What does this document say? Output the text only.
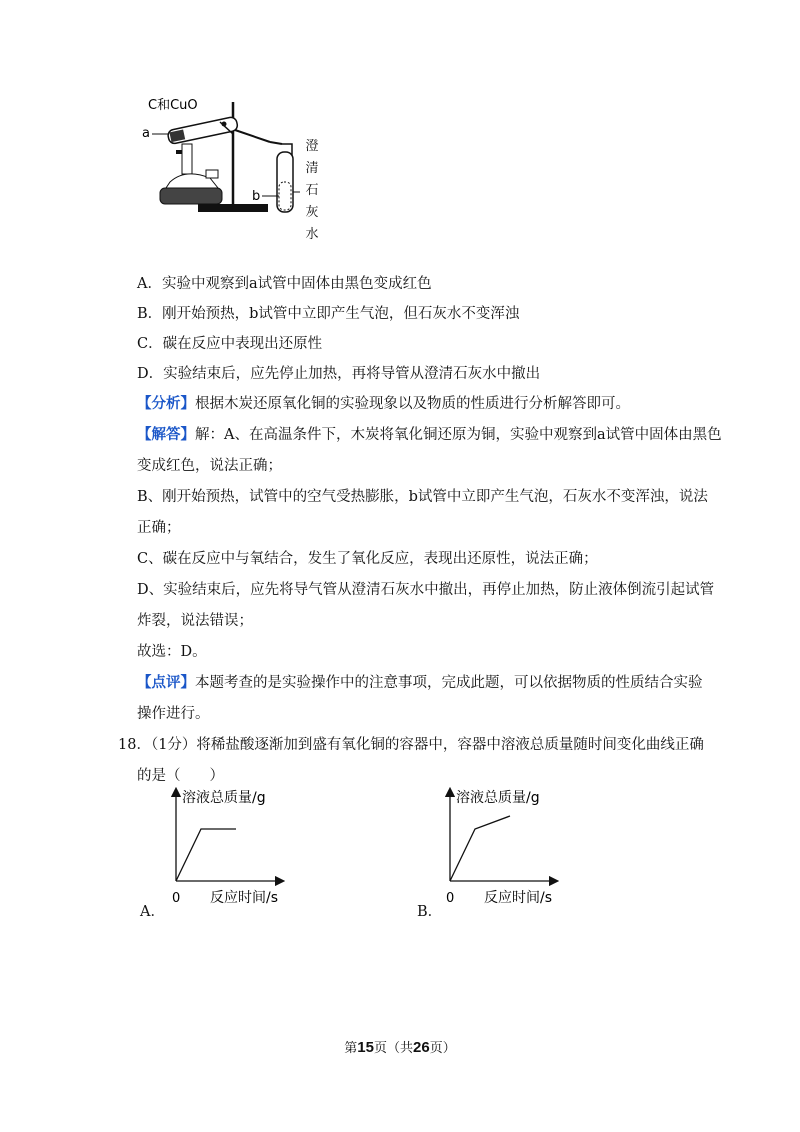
C和CuO
a
b
澄
清
石
灰
水
A．实验中观察到a试管中固体由黑色变成红色
B．刚开始预热，b试管中立即产生气泡，但石灰水不变浑浊
C．碳在反应中表现出还原性
D．实验结束后，应先停止加热，再将导管从澄清石灰水中撤出
【分析】根据木炭还原氧化铜的实验现象以及物质的性质进行分析解答即可。
【解答】解：A、在高温条件下，木炭将氧化铜还原为铜，实验中观察到a试管中固体由黑色
变成红色，说法正确；
B、刚开始预热，试管中的空气受热膨胀，b试管中立即产生气泡，石灰水不变浑浊，说法
正确；
C、碳在反应中与氧结合，发生了氧化反应，表现出还原性，说法正确；
D、实验结束后，应先将导气管从澄清石灰水中撤出，再停止加热，防止液体倒流引起试管
炸裂，说法错误；
故选：D。
【点评】本题考查的是实验操作中的注意事项，完成此题，可以依据物质的性质结合实验
操作进行。
18．（1分）将稀盐酸逐渐加到盛有氧化铜的容器中，容器中溶液总质量随时间变化曲线正确
的是（　　）
溶液总质量/g
0 反应时间/s
A．
溶液总质量/g
0 反应时间/s
B．
第15页（共26页）
